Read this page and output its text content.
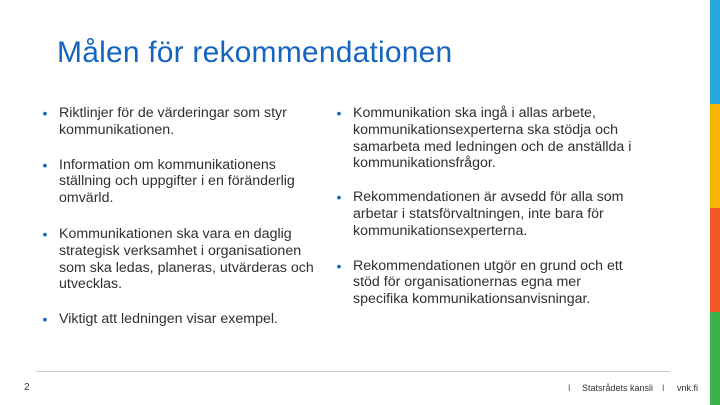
Målen för rekommendationen
• Riktlinjer för de värderingar som styr kommunikationen.
• Information om kommunikationens ställning och uppgifter i en föränderlig omvärld.
• Kommunikationen ska vara en daglig strategisk verksamhet i organisationen som ska ledas, planeras, utvärderas och utvecklas.
• Viktigt att ledningen visar exempel.
• Kommunikation ska ingå i allas arbete, kommunikationsexperterna ska stödja och samarbeta med ledningen och de anställda i kommunikationsfrågor.
• Rekommendationen är avsedd för alla som arbetar i statsförvaltningen, inte bara för kommunikationsexperterna.
• Rekommendationen utgör en grund och ett stöd för organisationernas egna mer specifika kommunikationsanvisningar.
2	I Statsrådets kansli I vnk.fi
